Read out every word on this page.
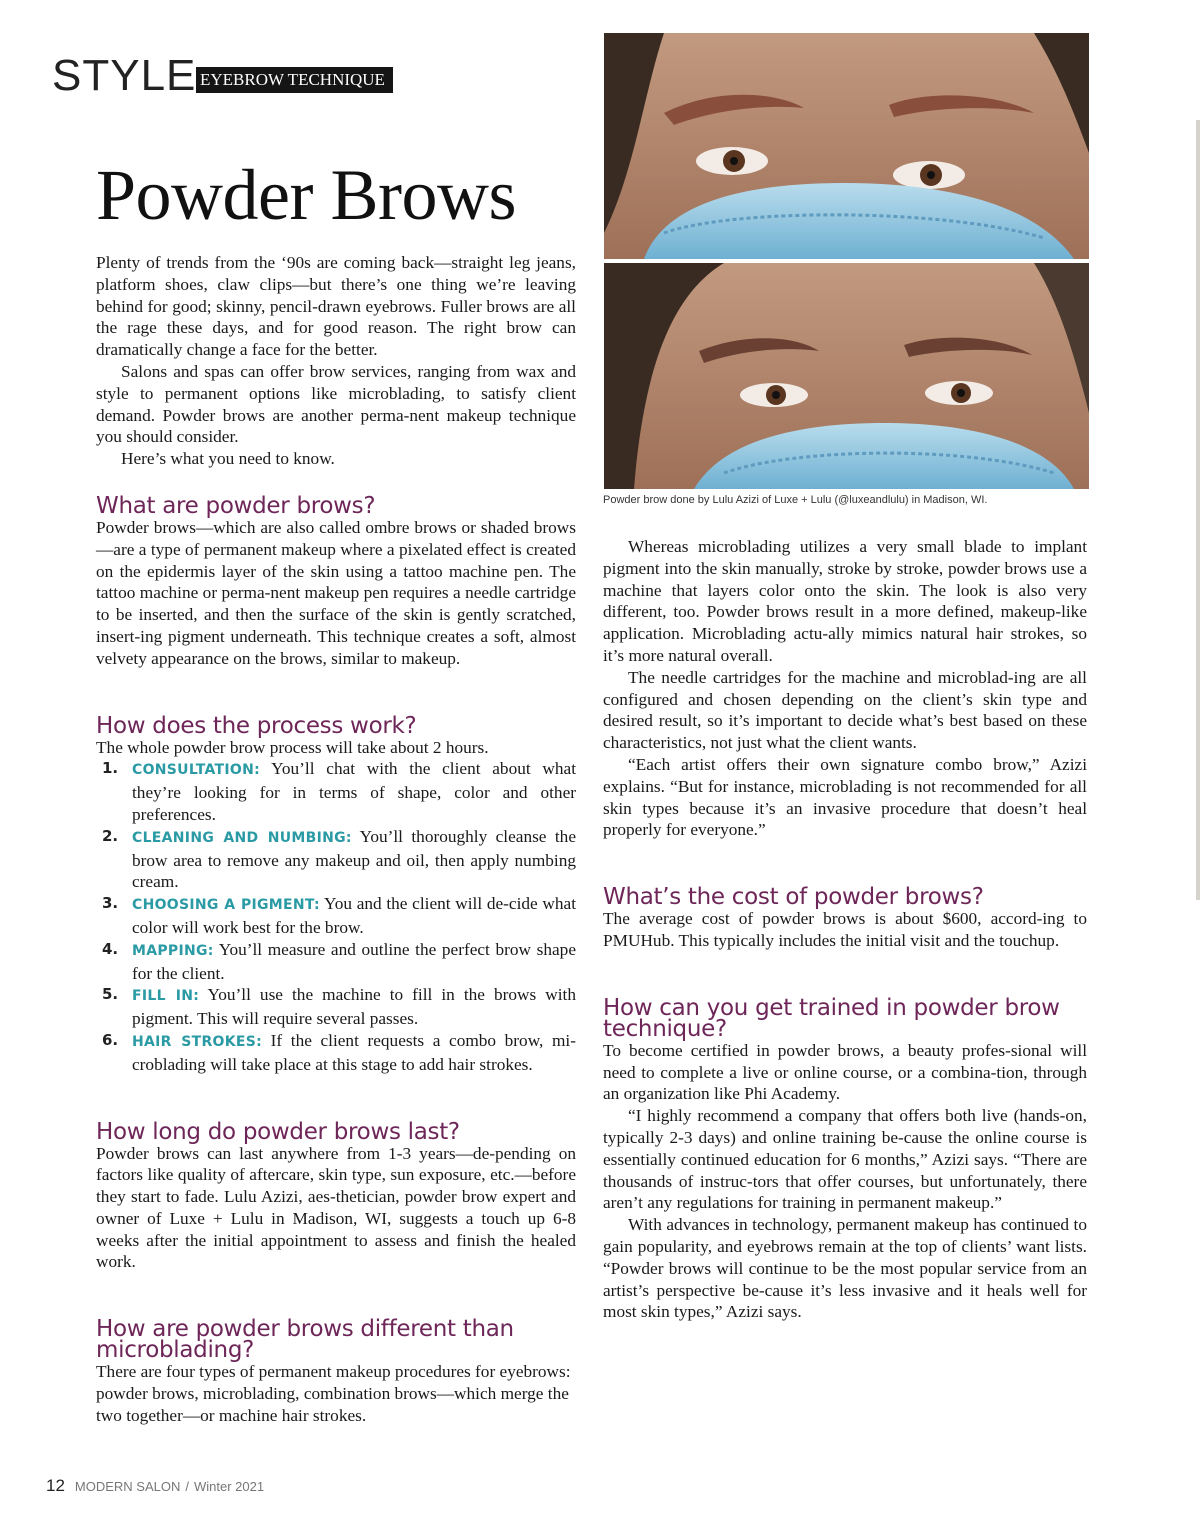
STYLE EYEBROW TECHNIQUE
Powder Brows
Powder brow done by Lulu Azizi of Luxe + Lulu (@luxeandlulu) in Madison, WI.

Plenty of trends from the ‘90s are coming back—straight leg jeans, platform shoes, claw clips—but there’s one thing we’re leaving behind for good; skinny, pencil-drawn eyebrows. Fuller brows are all the rage these days, and for good reason. The right brow can dramatically change a face for the better.

Salons and spas can offer brow services, ranging from wax and style to permanent options like microblading, to satisfy client demand. Powder brows are another perma-nent makeup technique you should consider.

Here’s what you need to know.

What are powder brows?

Powder brows—which are also called ombre brows or shaded brows—are a type of permanent makeup where a pixelated effect is created on the epidermis layer of the skin using a tattoo machine pen. The tattoo machine or perma-nent makeup pen requires a needle cartridge to be inserted, and then the surface of the skin is gently scratched, insert-ing pigment underneath. This technique creates a soft, almost velvety appearance on the brows, similar to makeup.

How does the process work?

The whole powder brow process will take about 2 hours.

1. CONSULTATION: You’ll chat with the client about what they’re looking for in terms of shape, color and other preferences.
2. CLEANING AND NUMBING: You’ll thoroughly cleanse the brow area to remove any makeup and oil, then apply numbing cream.
3. CHOOSING A PIGMENT: You and the client will de-cide what color will work best for the brow.
4. MAPPING: You’ll measure and outline the perfect brow shape for the client.
5. FILL IN: You’ll use the machine to fill in the brows with pigment. This will require several passes.
6. HAIR STROKES: If the client requests a combo brow, mi-croblading will take place at this stage to add hair strokes.
How long do powder brows last?

Powder brows can last anywhere from 1-3 years—de-pending on factors like quality of aftercare, skin type, sun exposure, etc.—before they start to fade. Lulu Azizi, aes-thetician, powder brow expert and owner of Luxe + Lulu in Madison, WI, suggests a touch up 6-8 weeks after the initial appointment to assess and finish the healed work.

How are powder brows different than microblading?

There are four types of permanent makeup procedures for eyebrows: powder brows, microblading, combination brows—which merge the two together—or machine hair strokes.

Whereas microblading utilizes a very small blade to implant pigment into the skin manually, stroke by stroke, powder brows use a machine that layers color onto the skin. The look is also very different, too. Powder brows result in a more defined, makeup-like application. Microblading actu-ally mimics natural hair strokes, so it’s more natural overall.

The needle cartridges for the machine and microblad-ing are all configured and chosen depending on the client’s skin type and desired result, so it’s important to decide what’s best based on these characteristics, not just what the client wants.

“Each artist offers their own signature combo brow,” Azizi explains. “But for instance, microblading is not recommended for all skin types because it’s an invasive procedure that doesn’t heal properly for everyone.”

What’s the cost of powder brows?

The average cost of powder brows is about $600, accord-ing to PMUHub. This typically includes the initial visit and the touchup.

How can you get trained in powder brow technique?

To become certified in powder brows, a beauty profes-sional will need to complete a live or online course, or a combina-tion, through an organization like Phi Academy.

“I highly recommend a company that offers both live (hands-on, typically 2-3 days) and online training be-cause the online course is essentially continued education for 6 months,” Azizi says. “There are thousands of instruc-tors that offer courses, but unfortunately, there aren’t any regulations for training in permanent makeup.”

With advances in technology, permanent makeup has continued to gain popularity, and eyebrows remain at the top of clients’ want lists. “Powder brows will continue to be the most popular service from an artist’s perspective be-cause it’s less invasive and it heals well for most skin types,” Azizi says.

12 MODERN SALON / Winter 2021
